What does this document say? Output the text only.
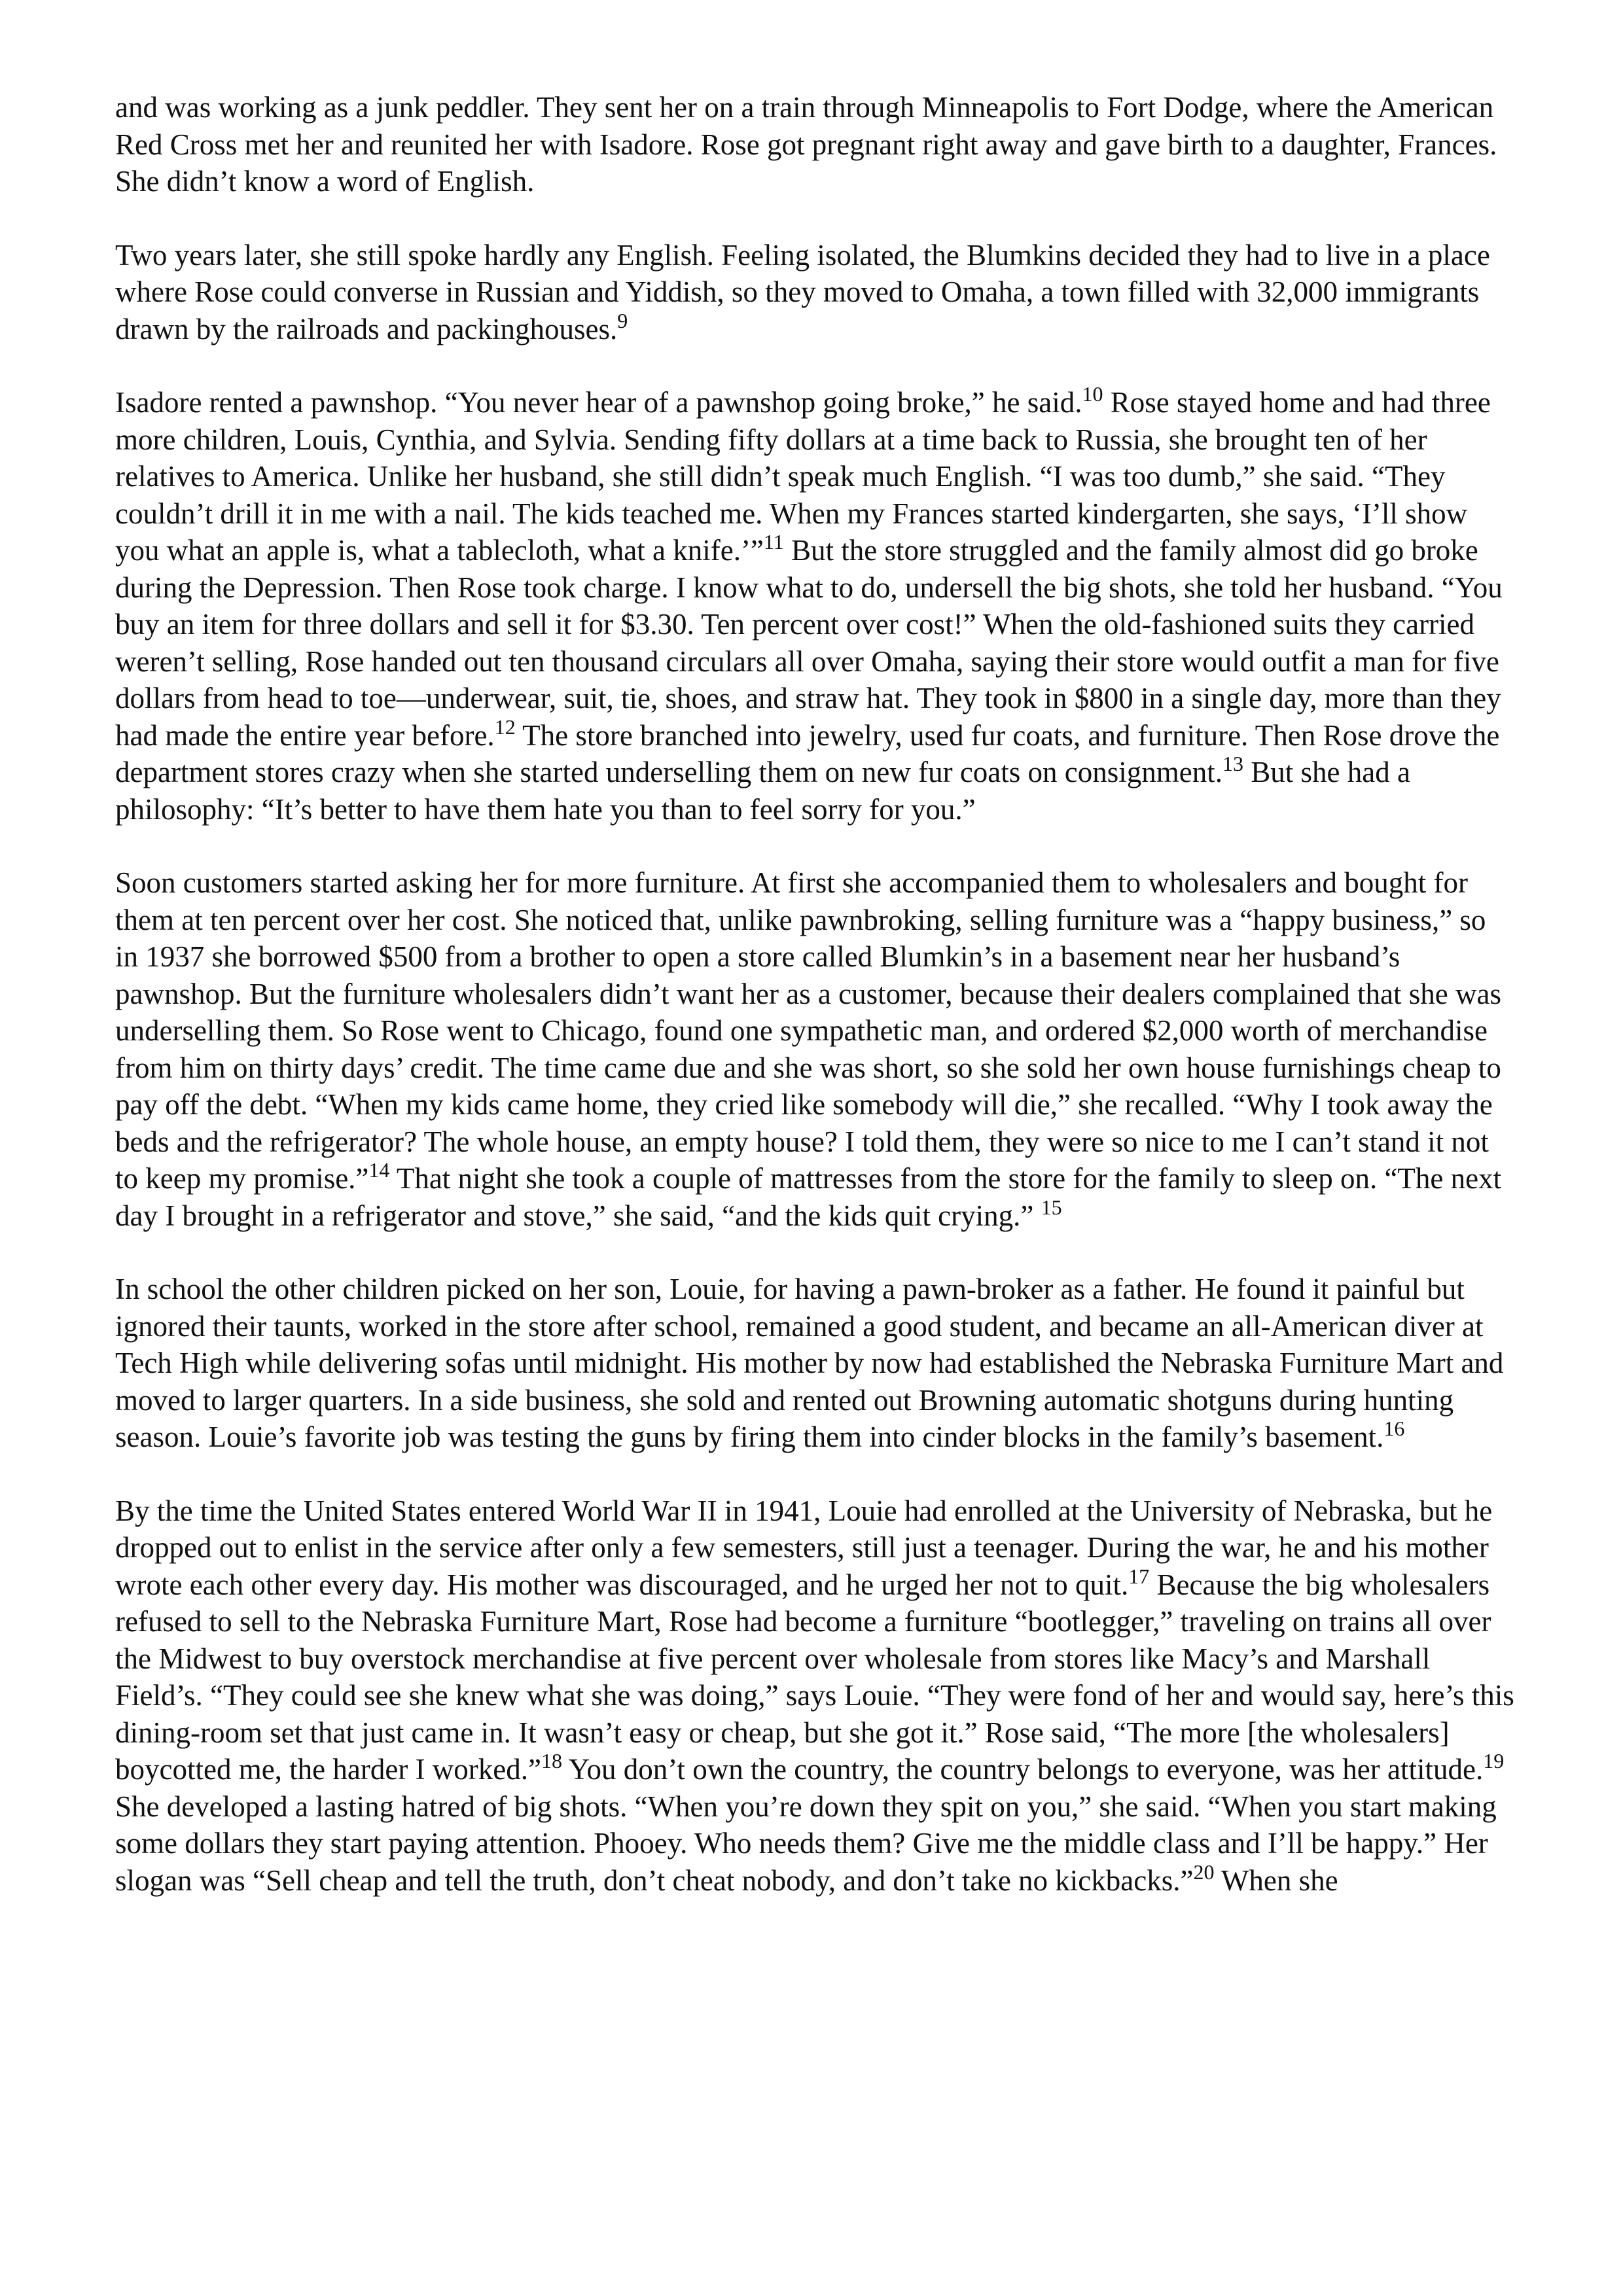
and was working as a junk peddler. They sent her on a train through Minneapolis to Fort Dodge, where the American Red Cross met her and reunited her with Isadore. Rose got pregnant right away and gave birth to a daughter, Frances. She didn’t know a word of English.

Two years later, she still spoke hardly any English. Feeling isolated, the Blumkins decided they had to live in a place where Rose could converse in Russian and Yiddish, so they moved to Omaha, a town filled with 32,000 immigrants drawn by the railroads and packinghouses.$^9$

Isadore rented a pawnshop. “You never hear of a pawnshop going broke,” he said.$^{10}$ Rose stayed home and had three more children, Louis, Cynthia, and Sylvia. Sending fifty dollars at a time back to Russia, she brought ten of her relatives to America. Unlike her husband, she still didn’t speak much English. “I was too dumb,” she said. “They couldn’t drill it in me with a nail. The kids teached me. When my Frances started kindergarten, she says, ‘I’ll show you what an apple is, what a tablecloth, what a knife.’”$^{11}$ But the store struggled and the family almost did go broke during the Depression. Then Rose took charge. I know what to do, undersell the big shots, she told her husband. “You buy an item for three dollars and sell it for $3.30. Ten percent over cost!” When the old-fashioned suits they carried weren’t selling, Rose handed out ten thousand circulars all over Omaha, saying their store would outfit a man for five dollars from head to toe—underwear, suit, tie, shoes, and straw hat. They took in $800 in a single day, more than they had made the entire year before.$^{12}$ The store branched into jewelry, used fur coats, and furniture. Then Rose drove the department stores crazy when she started underselling them on new fur coats on consignment.$^{13}$ But she had a philosophy: “It’s better to have them hate you than to feel sorry for you.”

Soon customers started asking her for more furniture. At first she accompanied them to wholesalers and bought for them at ten percent over her cost. She noticed that, unlike pawnbroking, selling furniture was a “happy business,” so in 1937 she borrowed $500 from a brother to open a store called Blumkin’s in a basement near her husband’s pawnshop. But the furniture wholesalers didn’t want her as a customer, because their dealers complained that she was underselling them. So Rose went to Chicago, found one sympathetic man, and ordered $2,000 worth of merchandise from him on thirty days’ credit. The time came due and she was short, so she sold her own house furnishings cheap to pay off the debt. “When my kids came home, they cried like somebody will die,” she recalled. “Why I took away the beds and the refrigerator? The whole house, an empty house? I told them, they were so nice to me I can’t stand it not to keep my promise.”$^{14}$ That night she took a couple of mattresses from the store for the family to sleep on. “The next day I brought in a refrigerator and stove,” she said, “and the kids quit crying.” $^{15}$

In school the other children picked on her son, Louie, for having a pawn-broker as a father. He found it painful but ignored their taunts, worked in the store after school, remained a good student, and became an all-American diver at Tech High while delivering sofas until midnight. His mother by now had established the Nebraska Furniture Mart and moved to larger quarters. In a side business, she sold and rented out Browning automatic shotguns during hunting season. Louie’s favorite job was testing the guns by firing them into cinder blocks in the family’s basement.$^{16}$

By the time the United States entered World War II in 1941, Louie had enrolled at the University of Nebraska, but he dropped out to enlist in the service after only a few semesters, still just a teenager. During the war, he and his mother wrote each other every day. His mother was discouraged, and he urged her not to quit.$^{17}$ Because the big wholesalers refused to sell to the Nebraska Furniture Mart, Rose had become a furniture “bootlegger,” traveling on trains all over the Midwest to buy overstock merchandise at five percent over wholesale from stores like Macy’s and Marshall Field’s. “They could see she knew what she was doing,” says Louie. “They were fond of her and would say, here’s this dining-room set that just came in. It wasn’t easy or cheap, but she got it.” Rose said, “The more [the wholesalers] boycotted me, the harder I worked.”$^{18}$ You don’t own the country, the country belongs to everyone, was her attitude.$^{19}$ She developed a lasting hatred of big shots. “When you’re down they spit on you,” she said. “When you start making some dollars they start paying attention. Phooey. Who needs them? Give me the middle class and I’ll be happy.” Her slogan was “Sell cheap and tell the truth, don’t cheat nobody, and don’t take no kickbacks.”$^{20}$ When she
